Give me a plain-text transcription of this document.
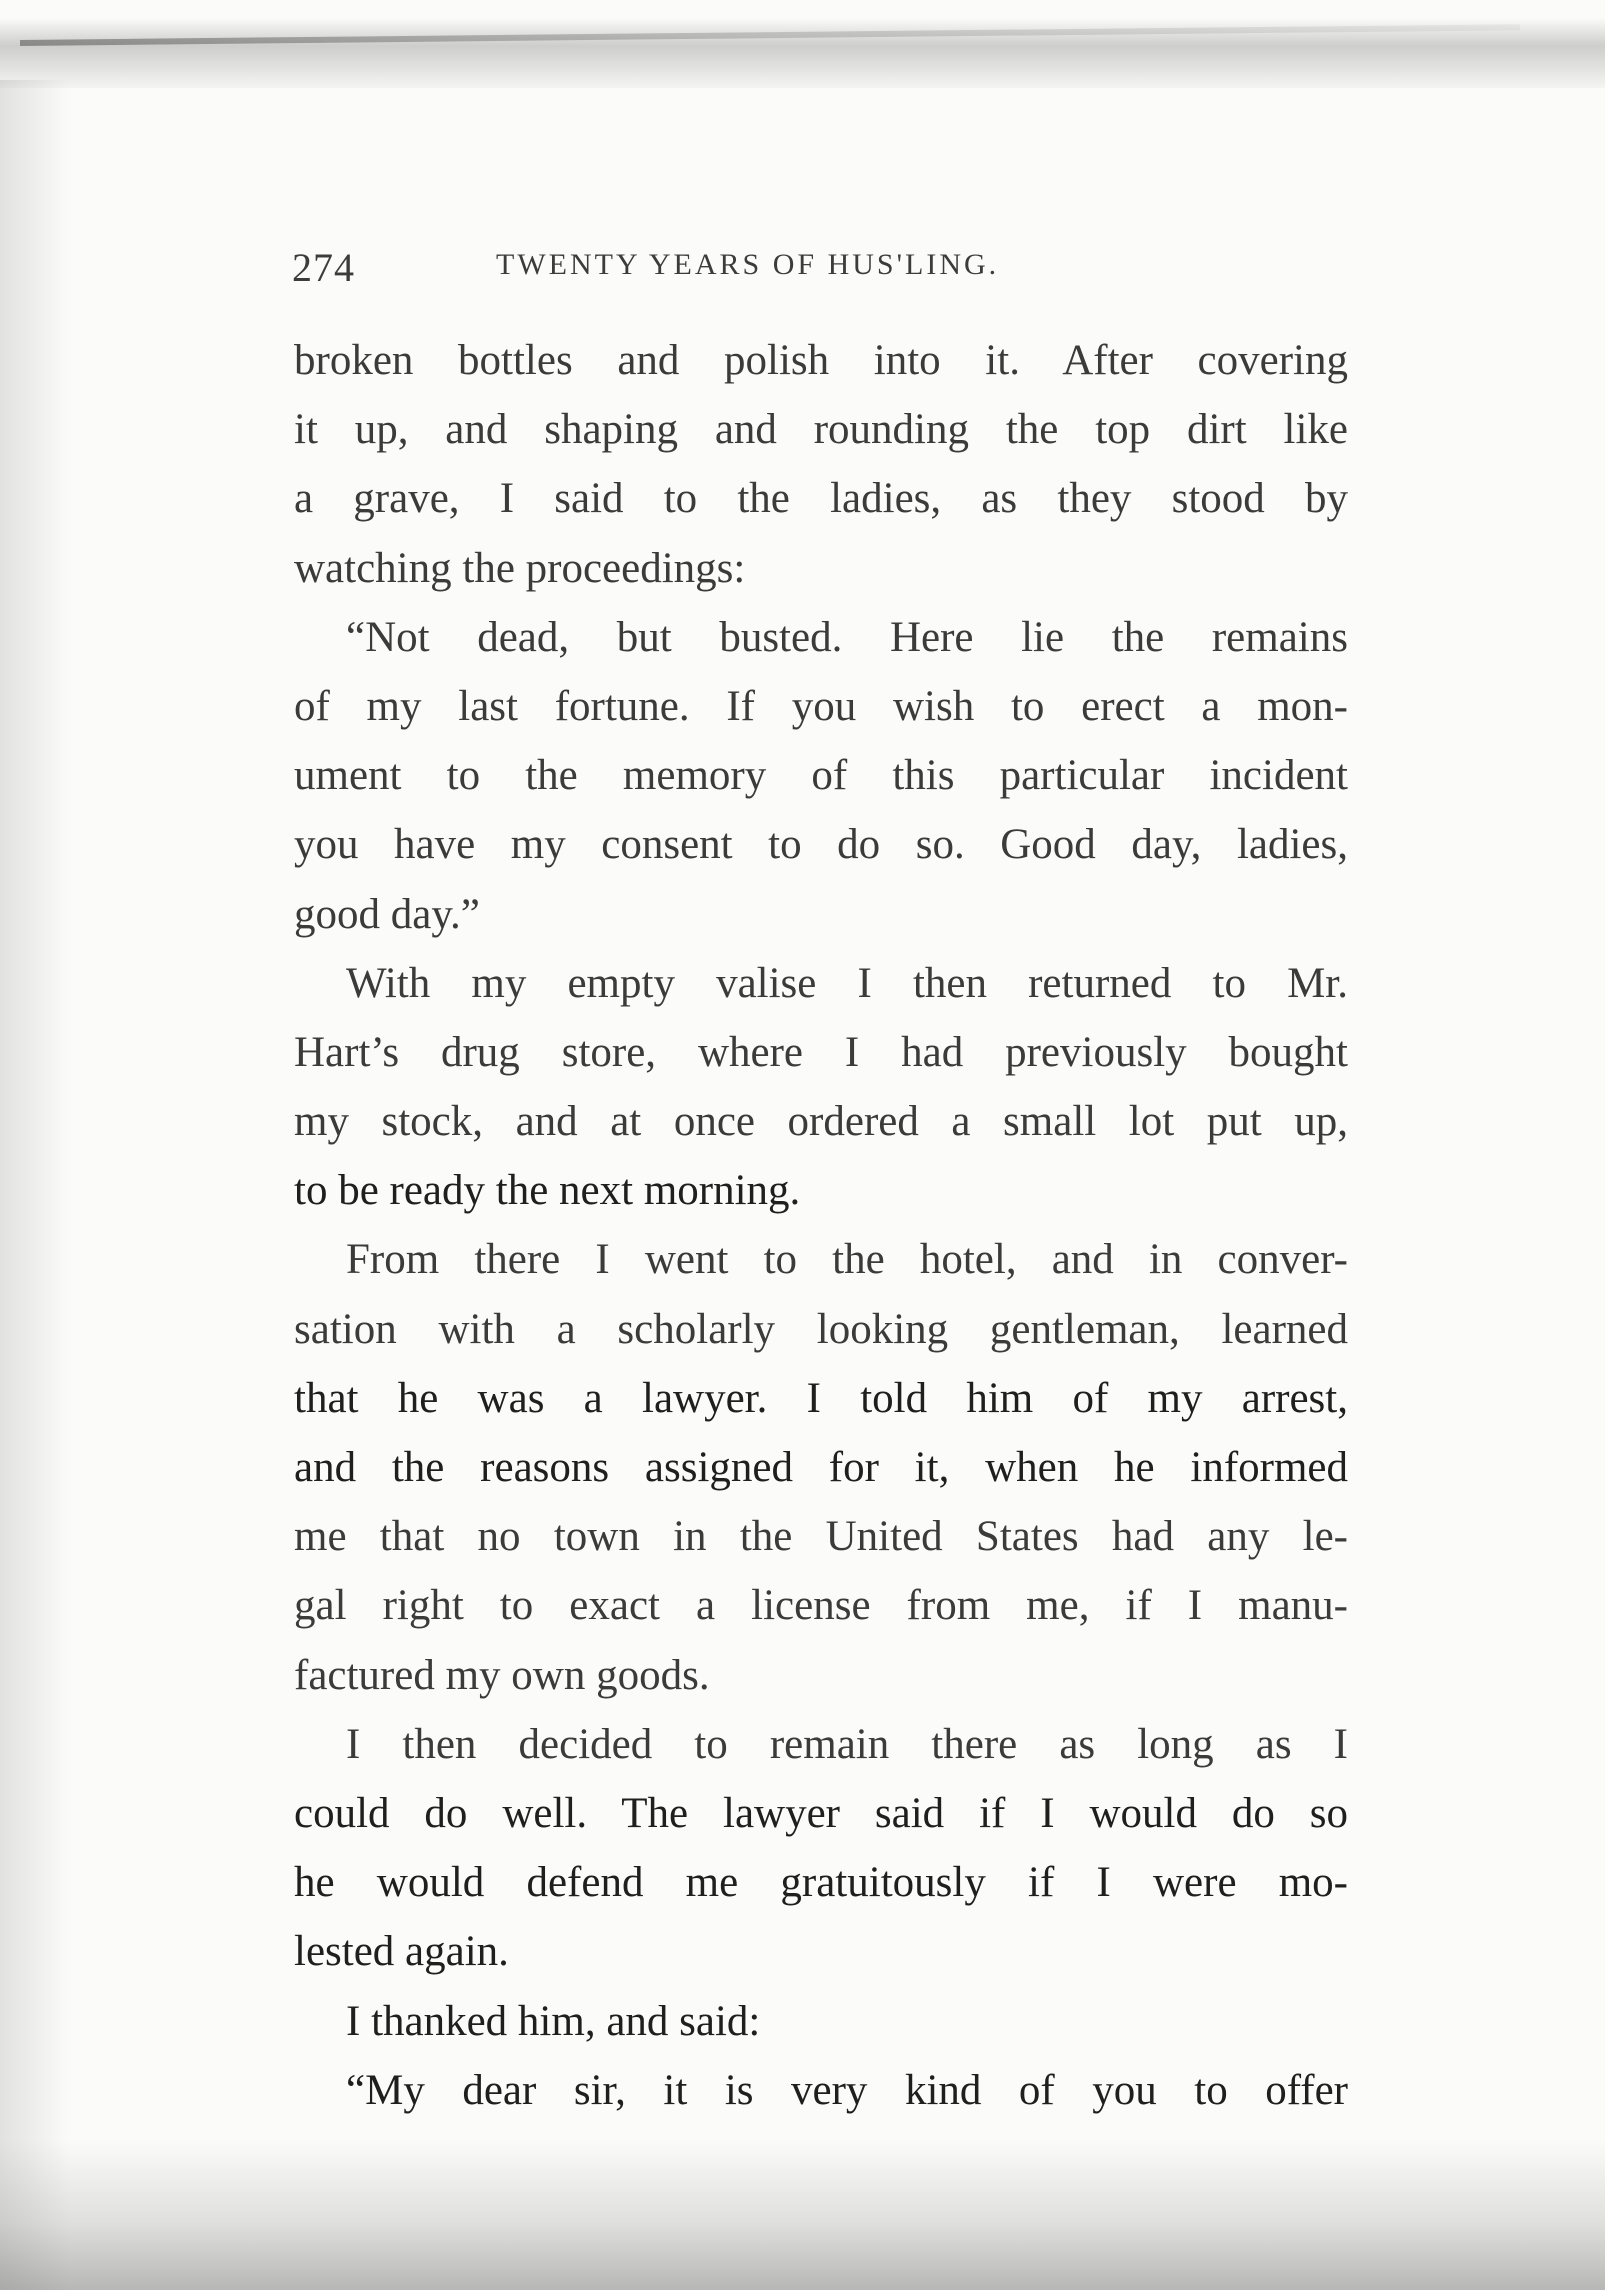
274	TWENTY YEARS OF HUS'LING.
broken bottles and polish into it. After covering
it up, and shaping and rounding the top dirt like
a grave, I said to the ladies, as they stood by
watching the proceedings:
“Not dead, but busted. Here lie the remains
of my last fortune. If you wish to erect a mon-
ument to the memory of this particular incident
you have my consent to do so. Good day, ladies,
good day.”
With my empty valise I then returned to Mr.
Hart’s drug store, where I had previously bought
my stock, and at once ordered a small lot put up,
to be ready the next morning.
From there I went to the hotel, and in conver-
sation with a scholarly looking gentleman, learned
that he was a lawyer. I told him of my arrest,
and the reasons assigned for it, when he informed
me that no town in the United States had any le-
gal right to exact a license from me, if I manu-
factured my own goods.
I then decided to remain there as long as I
could do well. The lawyer said if I would do so
he would defend me gratuitously if I were mo-
lested again.
I thanked him, and said:
“My dear sir, it is very kind of you to offer
